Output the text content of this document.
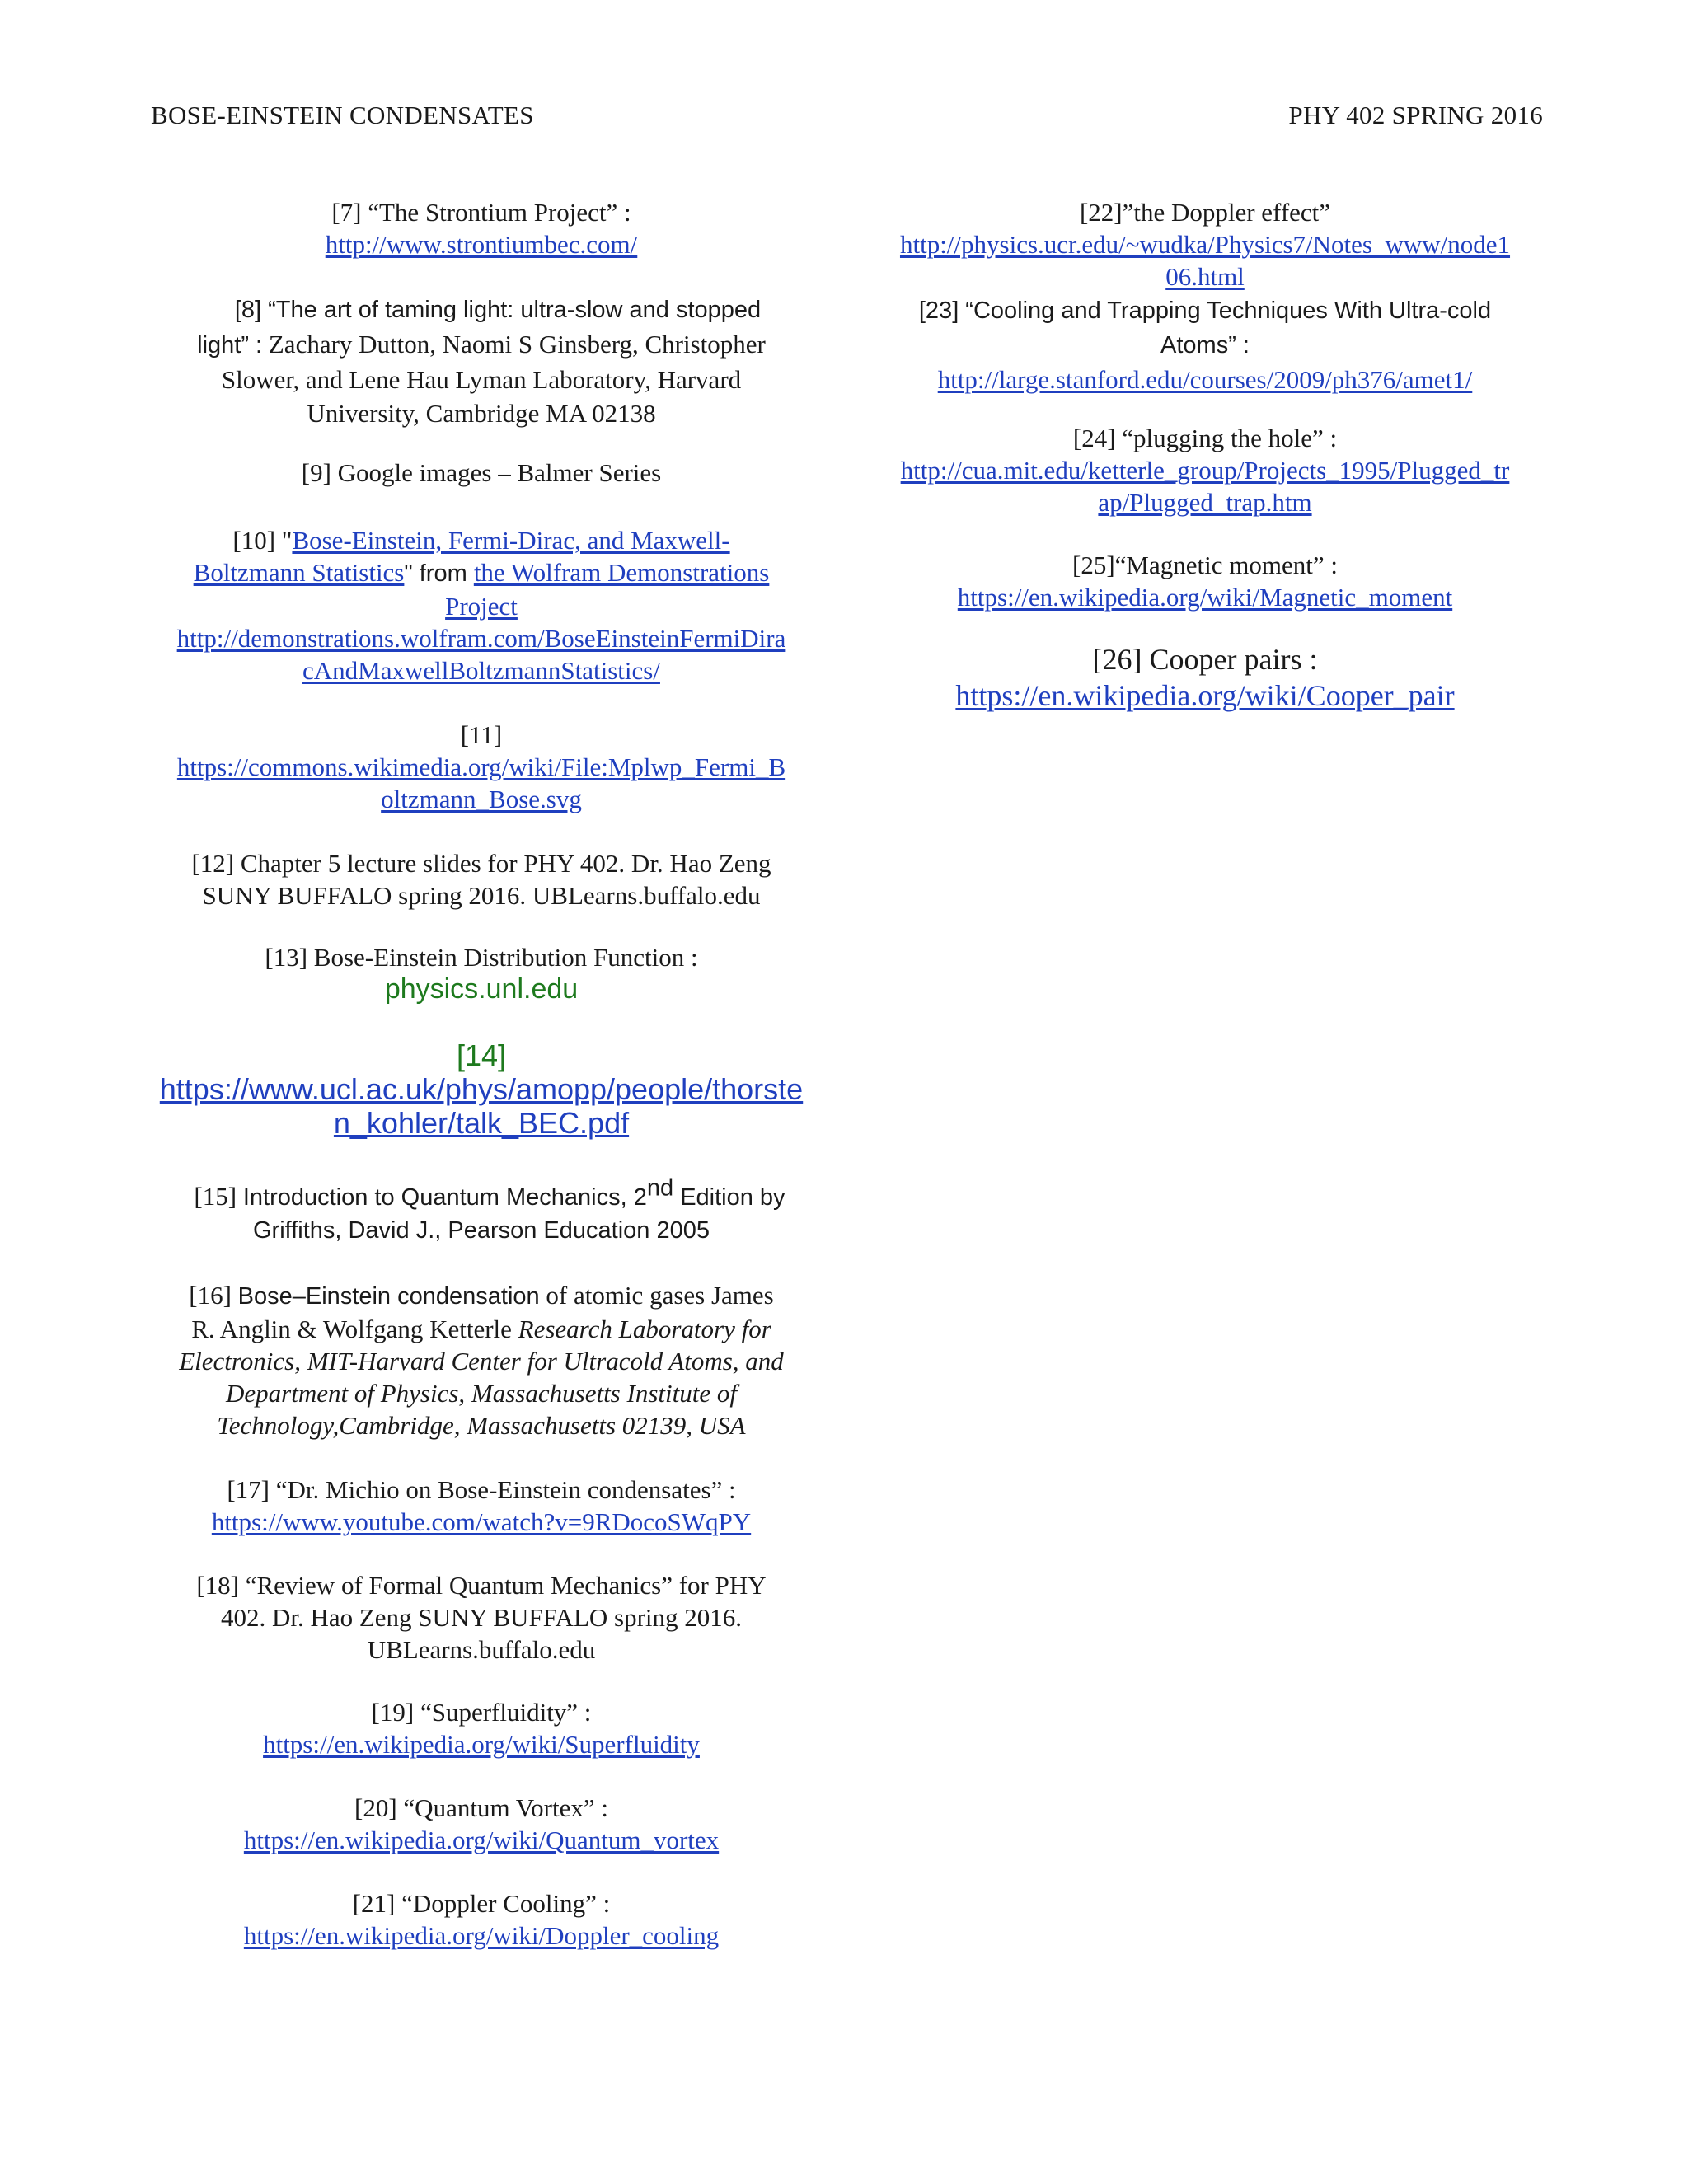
BOSE-EINSTEIN CONDENSATES	PHY 402 SPRING 2016
[7] “The Strontium Project” :
http://www.strontiumbec.com/
[8] “The art of taming light: ultra-slow and stopped
light” : Zachary Dutton, Naomi S Ginsberg, Christopher
Slower, and Lene Hau Lyman Laboratory, Harvard
University, Cambridge MA 02138
[9] Google images – Balmer Series
[10] "Bose-Einstein, Fermi-Dirac, and Maxwell-
Boltzmann Statistics" from the Wolfram Demonstrations
Project
http://demonstrations.wolfram.com/BoseEinsteinFermiDira
cAndMaxwellBoltzmannStatistics/
[11]
https://commons.wikimedia.org/wiki/File:Mplwp_Fermi_B
oltzmann_Bose.svg
[12] Chapter 5 lecture slides for PHY 402. Dr. Hao Zeng
SUNY BUFFALO spring 2016. UBLearns.buffalo.edu
[13] Bose-Einstein Distribution Function :
physics.unl.edu
[14]
https://www.ucl.ac.uk/phys/amopp/people/thorste
n_kohler/talk_BEC.pdf
[15] Introduction to Quantum Mechanics, 2nd Edition by
Griffiths, David J., Pearson Education 2005
[16] Bose–Einstein condensation of atomic gases James
R. Anglin & Wolfgang Ketterle Research Laboratory for
Electronics, MIT-Harvard Center for Ultracold Atoms, and
Department of Physics, Massachusetts Institute of
Technology,Cambridge, Massachusetts 02139, USA
[17] “Dr. Michio on Bose-Einstein condensates” :
https://www.youtube.com/watch?v=9RDocoSWqPY
[18] “Review of Formal Quantum Mechanics” for PHY
402. Dr. Hao Zeng SUNY BUFFALO spring 2016.
UBLearns.buffalo.edu
[19] “Superfluidity” :
https://en.wikipedia.org/wiki/Superfluidity
[20] “Quantum Vortex” :
https://en.wikipedia.org/wiki/Quantum_vortex
[21] “Doppler Cooling” :
https://en.wikipedia.org/wiki/Doppler_cooling
[22]”the Doppler effect”
http://physics.ucr.edu/~wudka/Physics7/Notes_www/node1
06.html
[23] “Cooling and Trapping Techniques With Ultra-cold
Atoms” :
http://large.stanford.edu/courses/2009/ph376/amet1/
[24] “plugging the hole” :
http://cua.mit.edu/ketterle_group/Projects_1995/Plugged_tr
ap/Plugged_trap.htm
[25]“Magnetic moment” :
https://en.wikipedia.org/wiki/Magnetic_moment
[26] Cooper pairs :
https://en.wikipedia.org/wiki/Cooper_pair
